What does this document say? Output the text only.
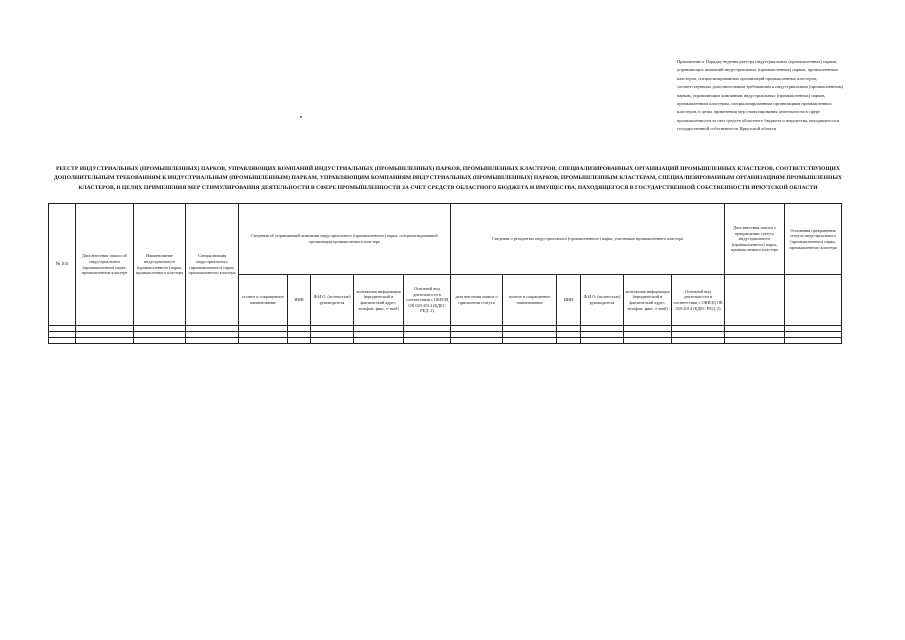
Приложение к Порядку ведения реестра индустриальных (промышленных) парков, управляющих компаний индустриальных (промышленных) парков, промышленных кластеров, специализированных организаций промышленных кластеров, соответствующих дополнительным требованиям к индустриальным (промышленным) паркам, управляющим компаниям индустриальных (промышленных) парков, промышленным кластерам, специализированным организациям промышленных кластеров, в целях применения мер стимулирования деятельности в сфере промышленности за счет средств областного бюджета и имущества, находящегося в государственной собственности Иркутской области
РЕЕСТР ИНДУСТРИАЛЬНЫХ (ПРОМЫШЛЕННЫХ) ПАРКОВ, УПРАВЛЯЮЩИХ КОМПАНИЙ ИНДУСТРИАЛЬНЫХ (ПРОМЫШЛЕННЫХ) ПАРКОВ, ПРОМЫШЛЕННЫХ КЛАСТЕРОВ, СПЕЦИАЛИЗИРОВАННЫХ ОРГАНИЗАЦИЙ ПРОМЫШЛЕННЫХ КЛАСТЕРОВ, СООТВЕТСТВУЮЩИХ ДОПОЛНИТЕЛЬНЫМ ТРЕБОВАНИЯМ К ИНДУСТРИАЛЬНЫМ (ПРОМЫШЛЕННЫМ) ПАРКАМ, УПРАВЛЯЮЩИМ КОМПАНИЯМ ИНДУСТРИАЛЬНЫХ (ПРОМЫШЛЕННЫХ) ПАРКОВ, ПРОМЫШЛЕННЫМ КЛАСТЕРАМ, СПЕЦИАЛИЗИРОВАННЫМ ОРГАНИЗАЦИЯМ ПРОМЫШЛЕННЫХ КЛАСТЕРОВ, В ЦЕЛЯХ ПРИМЕНЕНИЯ МЕР СТИМУЛИРОВАНИЯ ДЕЯТЕЛЬНОСТИ В СФЕРЕ ПРОМЫШЛЕННОСТИ ЗА СЧЕТ СРЕДСТВ ОБЛАСТНОГО БЮДЖЕТА И ИМУЩЕСТВА, НАХОДЯЩЕГОСЯ В ГОСУДАРСТВЕННОЙ СОБСТВЕННОСТИ ИРКУТСКОЙ ОБЛАСТИ
№ п/п	Дата внесения записи об индустриальном (промышленном) парке, промышленном кластере	Наименование индустриального (промышленного) парка, промышленного кластера	Специализация индустриального (промышленного) парка, промышленного кластера	Сведения об управляющей компании индустриального (промышленного) парка, специализированной организации промышленного кластера					Сведения о резидентах индустриального (промышленного) парка, участниках промышленного кластера						Дата внесения записи о прекращении статуса индустриального (промышленного) парка, промышленного кластера	Основания прекращения статуса индустриального (промышленного) парка, промышленного кластера
				полное и сокращенное наименование	ИНН	Ф.И.О. (полностью) руководителя	контактная информация (юридический и фактический адрес, телефон, факс, e-mail)	Основной вид деятельности в соответствии с ОКВЭД ОК 029-2014 (КДЕС РЕД. 2)	дата внесения записи о присвоении статуса	полное и сокращенное наименование	ИНН	Ф.И.О. (полностью) руководителя	контактная информация (юридический и фактический адрес, телефон, факс, e-mail)	Основной вид деятельности в соответствии с ОКВЭД ОК 029-2014 (КДЕС РЕД. 2)		
